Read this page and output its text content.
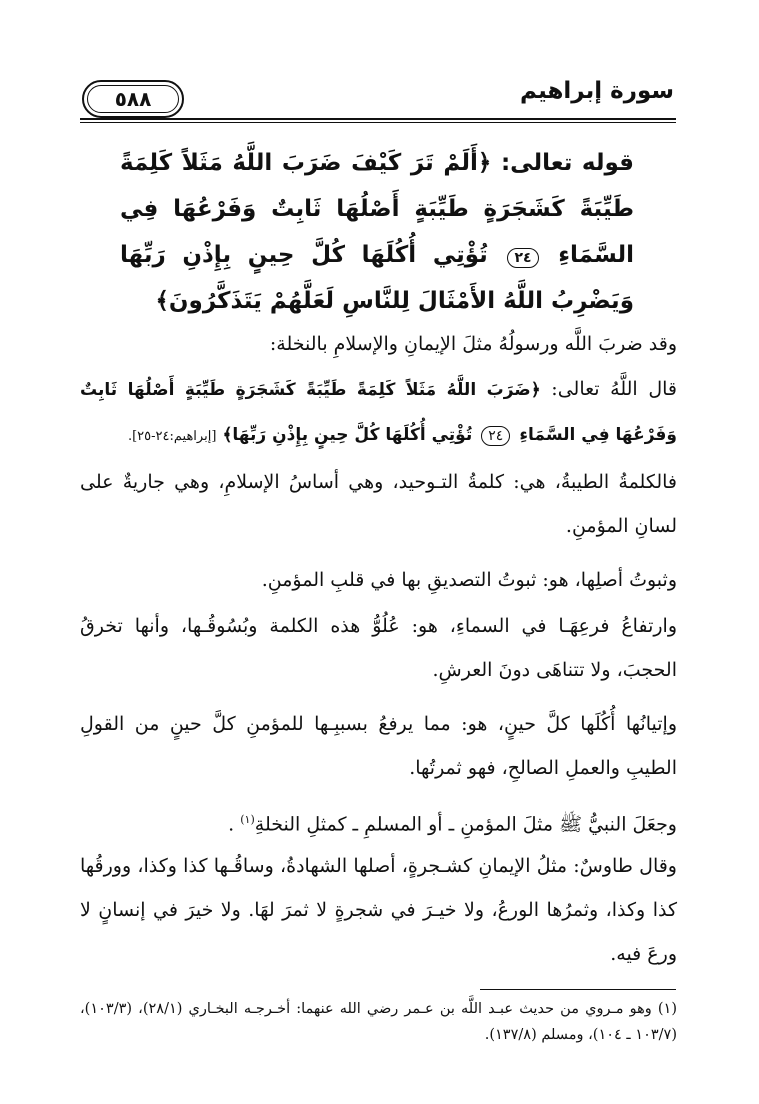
٥٨٨	سورة إبراهيم
قوله تعالى: ﴿أَلَمْ تَرَ كَيْفَ ضَرَبَ اللَّهُ مَثَلاً كَلِمَةً طَيِّبَةً كَشَجَرَةٍ طَيِّبَةٍ أَصْلُهَا ثَابِتٌ وَفَرْعُهَا فِي السَّمَاءِ ٢٤ تُؤْتِي أُكُلَهَا كُلَّ حِينٍ بِإِذْنِ رَبِّهَا وَيَضْرِبُ اللَّهُ الأَمْثَالَ لِلنَّاسِ لَعَلَّهُمْ يَتَذَكَّرُونَ﴾
وقد ضربَ اللَّه ورسولُهُ مثلَ الإيمانِ والإسلامِ بالنخلة:
قال اللَّهُ تعالى: ﴿ضَرَبَ اللَّهُ مَثَلاً كَلِمَةً طَيِّبَةً كَشَجَرَةٍ طَيِّبَةٍ أَصْلُهَا ثَابِتٌ وَفَرْعُهَا فِي السَّمَاءِ ٢٤ تُؤْتِي أُكُلَهَا كُلَّ حِينٍ بِإِذْنِ رَبِّهَا﴾ [إبراهيم:٢٤-٢٥].
فالكلمةُ الطيبةُ، هي: كلمةُ التـوحيد، وهي أساسُ الإسلامِ، وهي جاريةٌ على لسانِ المؤمنِ.
وثبوتُ أصلِها، هو: ثبوتُ التصديقِ بها في قلبِ المؤمنِ.
وارتفاعُ فرعِهَـا في السماءِ، هو: عُلُوُّ هذه الكلمة وبُسُوقُـها، وأنها تخرقُ الحجبَ، ولا تتناهَى دونَ العرشِ.
وإتيانُها أُكُلَها كلَّ حينٍ، هو: مما يرفعُ بسببِـها للمؤمنِ كلَّ حينٍ من القولِ الطيبِ والعملِ الصالحِ، فهو ثمرتُها.
وجعَلَ النبيُّ ﷺ مثلَ المؤمنِ ـ أو المسلمِ ـ كمثلِ النخلةِ$^{(١)}$ .
وقال طاوسٌ: مثلُ الإيمانِ كشـجرةٍ، أصلها الشهادةُ، وساقُـها كذا وكذا، وورقُها كذا وكذا، وثمرُها الورعُ، ولا خيـرَ في شجرةٍ لا ثمرَ لهَا. ولا خيرَ في إنسانٍ لا ورعَ فيه.
(١) وهو مـروي من حديث عبـد اللَّه بن عـمر رضي الله عنهما: أخـرجـه البخـاري (٢٨/١)، (١٠٣/٣)، (١٠٣/٧ ـ ١٠٤)، ومسلم (١٣٧/٨).
